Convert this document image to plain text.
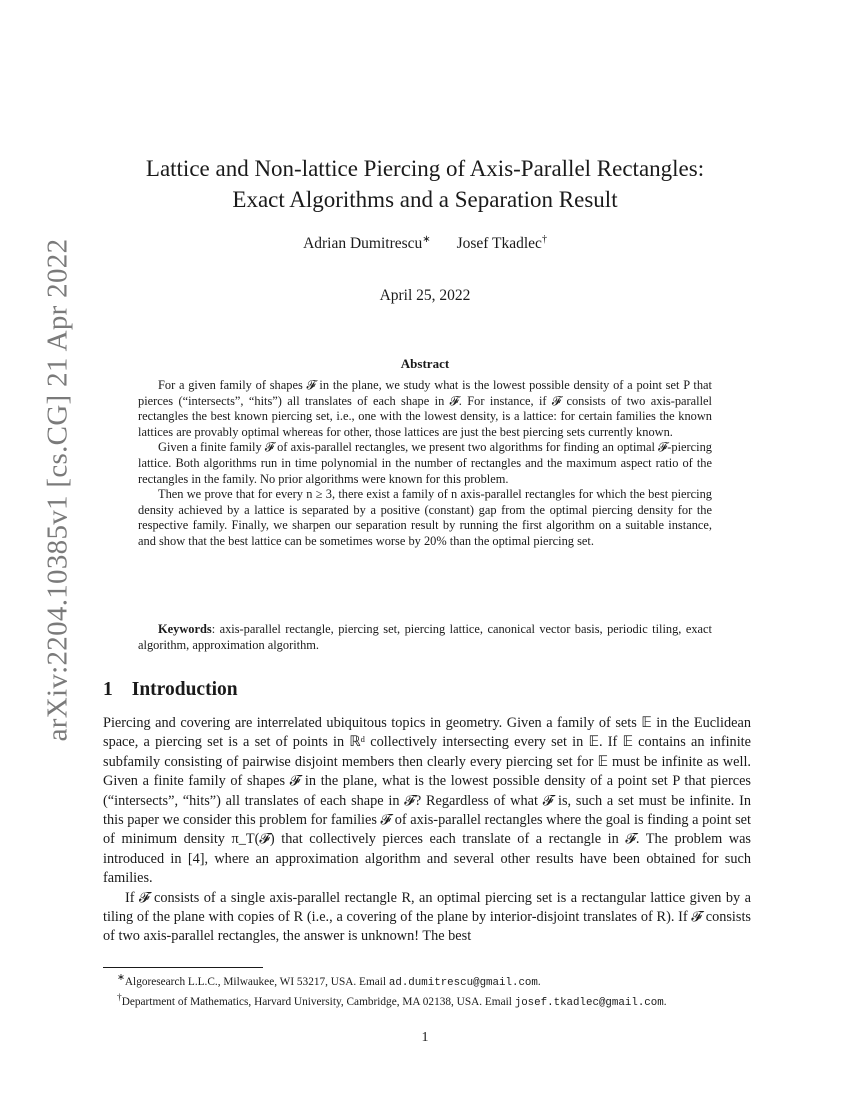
arXiv:2204.10385v1 [cs.CG] 21 Apr 2022
Lattice and Non-lattice Piercing of Axis-Parallel Rectangles:
Exact Algorithms and a Separation Result
Adrian Dumitrescu∗ Josef Tkadlec†
April 25, 2022
Abstract

For a given family of shapes 𝓕 in the plane, we study what is the lowest possible density of a point set P that pierces (“intersects”, “hits”) all translates of each shape in 𝓕. For instance, if 𝓕 consists of two axis-parallel rectangles the best known piercing set, i.e., one with the lowest density, is a lattice: for certain families the known lattices are provably optimal whereas for other, those lattices are just the best piercing sets currently known.

Given a finite family 𝓕 of axis-parallel rectangles, we present two algorithms for finding an optimal 𝓕-piercing lattice. Both algorithms run in time polynomial in the number of rectangles and the maximum aspect ratio of the rectangles in the family. No prior algorithms were known for this problem.

Then we prove that for every n ≥ 3, there exist a family of n axis-parallel rectangles for which the best piercing density achieved by a lattice is separated by a positive (constant) gap from the optimal piercing density for the respective family. Finally, we sharpen our separation result by running the first algorithm on a suitable instance, and show that the best lattice can be sometimes worse by 20% than the optimal piercing set.

Keywords: axis-parallel rectangle, piercing set, piercing lattice, canonical vector basis, periodic tiling, exact algorithm, approximation algorithm.
1 Introduction

Piercing and covering are interrelated ubiquitous topics in geometry. Given a family of sets 𝔼 in the Euclidean space, a piercing set is a set of points in ℝᵈ collectively intersecting every set in 𝔼. If 𝔼 contains an infinite subfamily consisting of pairwise disjoint members then clearly every piercing set for 𝔼 must be infinite as well. Given a finite family of shapes 𝓕 in the plane, what is the lowest possible density of a point set P that pierces (“intersects”, “hits”) all translates of each shape in 𝓕? Regardless of what 𝓕 is, such a set must be infinite. In this paper we consider this problem for families 𝓕 of axis-parallel rectangles where the goal is finding a point set of minimum density π_T(𝓕) that collectively pierces each translate of a rectangle in 𝓕. The problem was introduced in [4], where an approximation algorithm and several other results have been obtained for such families.

If 𝓕 consists of a single axis-parallel rectangle R, an optimal piercing set is a rectangular lattice given by a tiling of the plane with copies of R (i.e., a covering of the plane by interior-disjoint translates of R). If 𝓕 consists of two axis-parallel rectangles, the answer is unknown! The best

∗Algoresearch L.L.C., Milwaukee, WI 53217, USA. Email ad.dumitrescu@gmail.com.
†Department of Mathematics, Harvard University, Cambridge, MA 02138, USA. Email josef.tkadlec@gmail.com.
1
